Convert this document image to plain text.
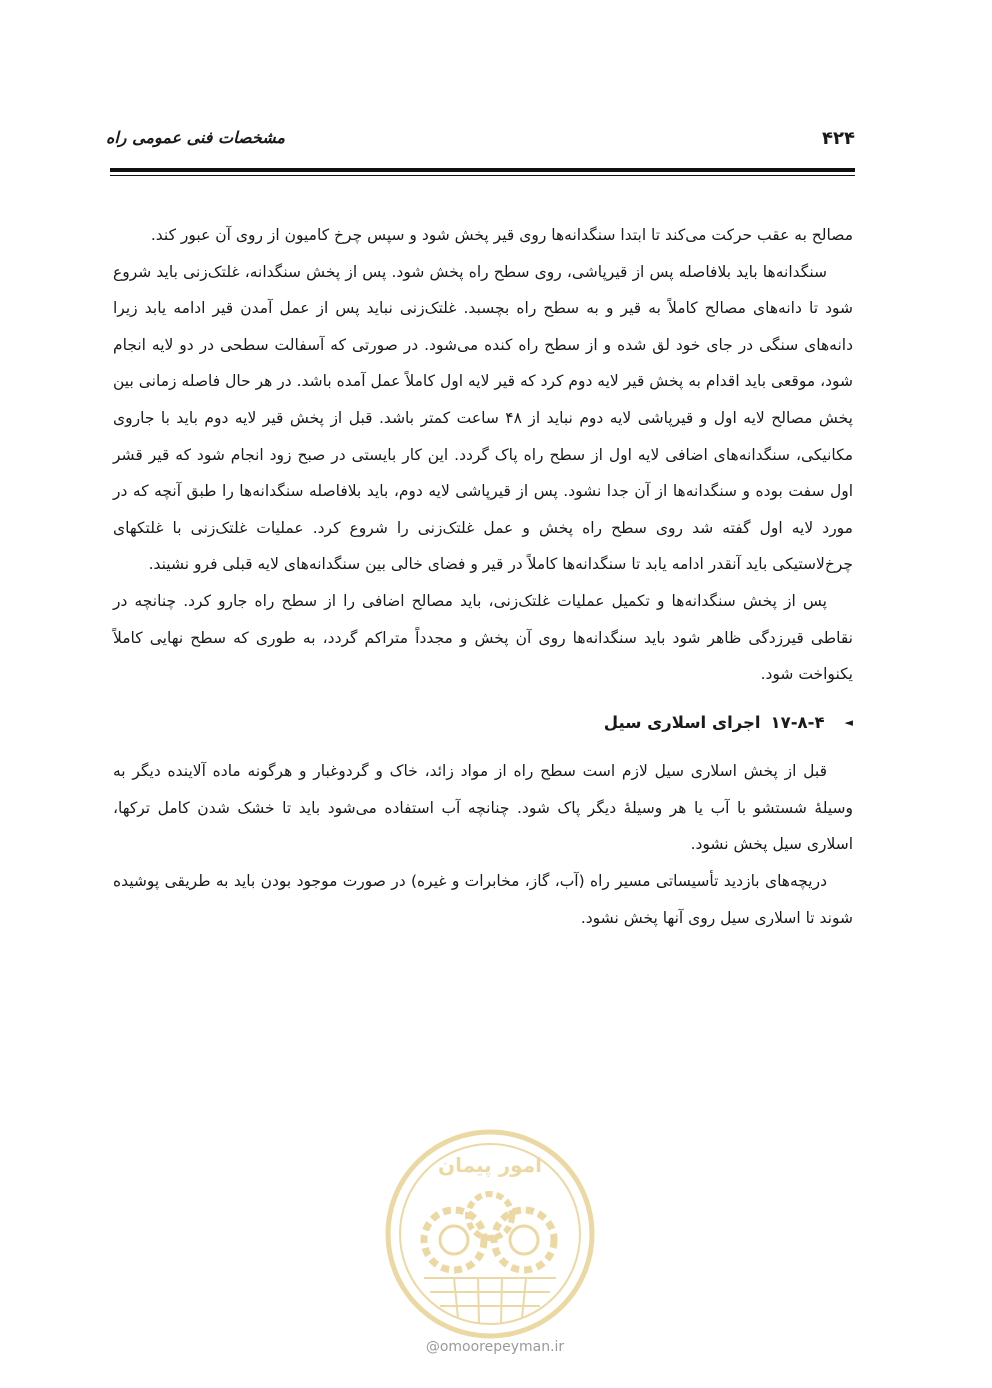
۴۲۴
مشخصات فنی عمومی راه

مصالح به عقب حرکت می‌کند تا ابتدا سنگدانه‌ها روی قیر پخش شود و سپس چرخ کامیون از روی آن عبور کند.

سنگدانه‌ها باید بلافاصله پس از قیرپاشی، روی سطح راه پخش شود. پس از پخش سنگدانه، غلتک‌زنی باید شروع شود تا دانه‌های مصالح کاملاً به قیر و به سطح راه بچسبد. غلتک‌زنی نباید پس از عمل آمدن قیر ادامه یابد زیرا دانه‌های سنگی در جای خود لق شده و از سطح راه کنده می‌شود. در صورتی که آسفالت سطحی در دو لایه انجام شود، موقعی باید اقدام به پخش قیر لایه دوم کرد که قیر لایه اول کاملاً عمل آمده باشد. در هر حال فاصله زمانی بین پخش مصالح لایه اول و قیرپاشی لایه دوم نباید از ۴۸ ساعت کمتر باشد. قبل از پخش قیر لایه دوم باید با جاروی مکانیکی، سنگدانه‌های اضافی لایه اول از سطح راه پاک گردد. این کار بایستی در صبح زود انجام شود که قیر قشر اول سفت بوده و سنگدانه‌ها از آن جدا نشود. پس از قیرپاشی لایه دوم، باید بلافاصله سنگدانه‌ها را طبق آنچه که در مورد لایه اول گفته شد روی سطح راه پخش و عمل غلتک‌زنی را شروع کرد. عملیات غلتک‌زنی با غلتکهای چرخ‌لاستیکی باید آنقدر ادامه یابد تا سنگدانه‌ها کاملاً در قیر و فضای خالی بین سنگدانه‌های لایه قبلی فرو نشیند.

پس از پخش سنگدانه‌ها و تکمیل عملیات غلتک‌زنی، باید مصالح اضافی را از سطح راه جارو کرد. چنانچه در نقاطی قیرزدگی ظاهر شود باید سنگدانه‌ها روی آن پخش و مجدداً متراکم گردد، به طوری که سطح نهایی کاملاً یکنواخت شود.

◄۱۷-۸-۴اجرای اسلاری سیل

قبل از پخش اسلاری سیل لازم است سطح راه از مواد زائد، خاک و گردوغبار و هرگونه ماده آلاینده دیگر به وسیلهٔ شستشو با آب یا هر وسیلهٔ دیگر پاک شود. چنانچه آب استفاده می‌شود باید تا خشک شدن کامل ترکها، اسلاری سیل پخش نشود.

دریچه‌های بازدید تأسیساتی مسیر راه (آب، گاز، مخابرات و غیره) در صورت موجود بودن باید به طریقی پوشیده شوند تا اسلاری سیل روی آنها پخش نشود.

امور پیمان
@omoorepeyman.ir
